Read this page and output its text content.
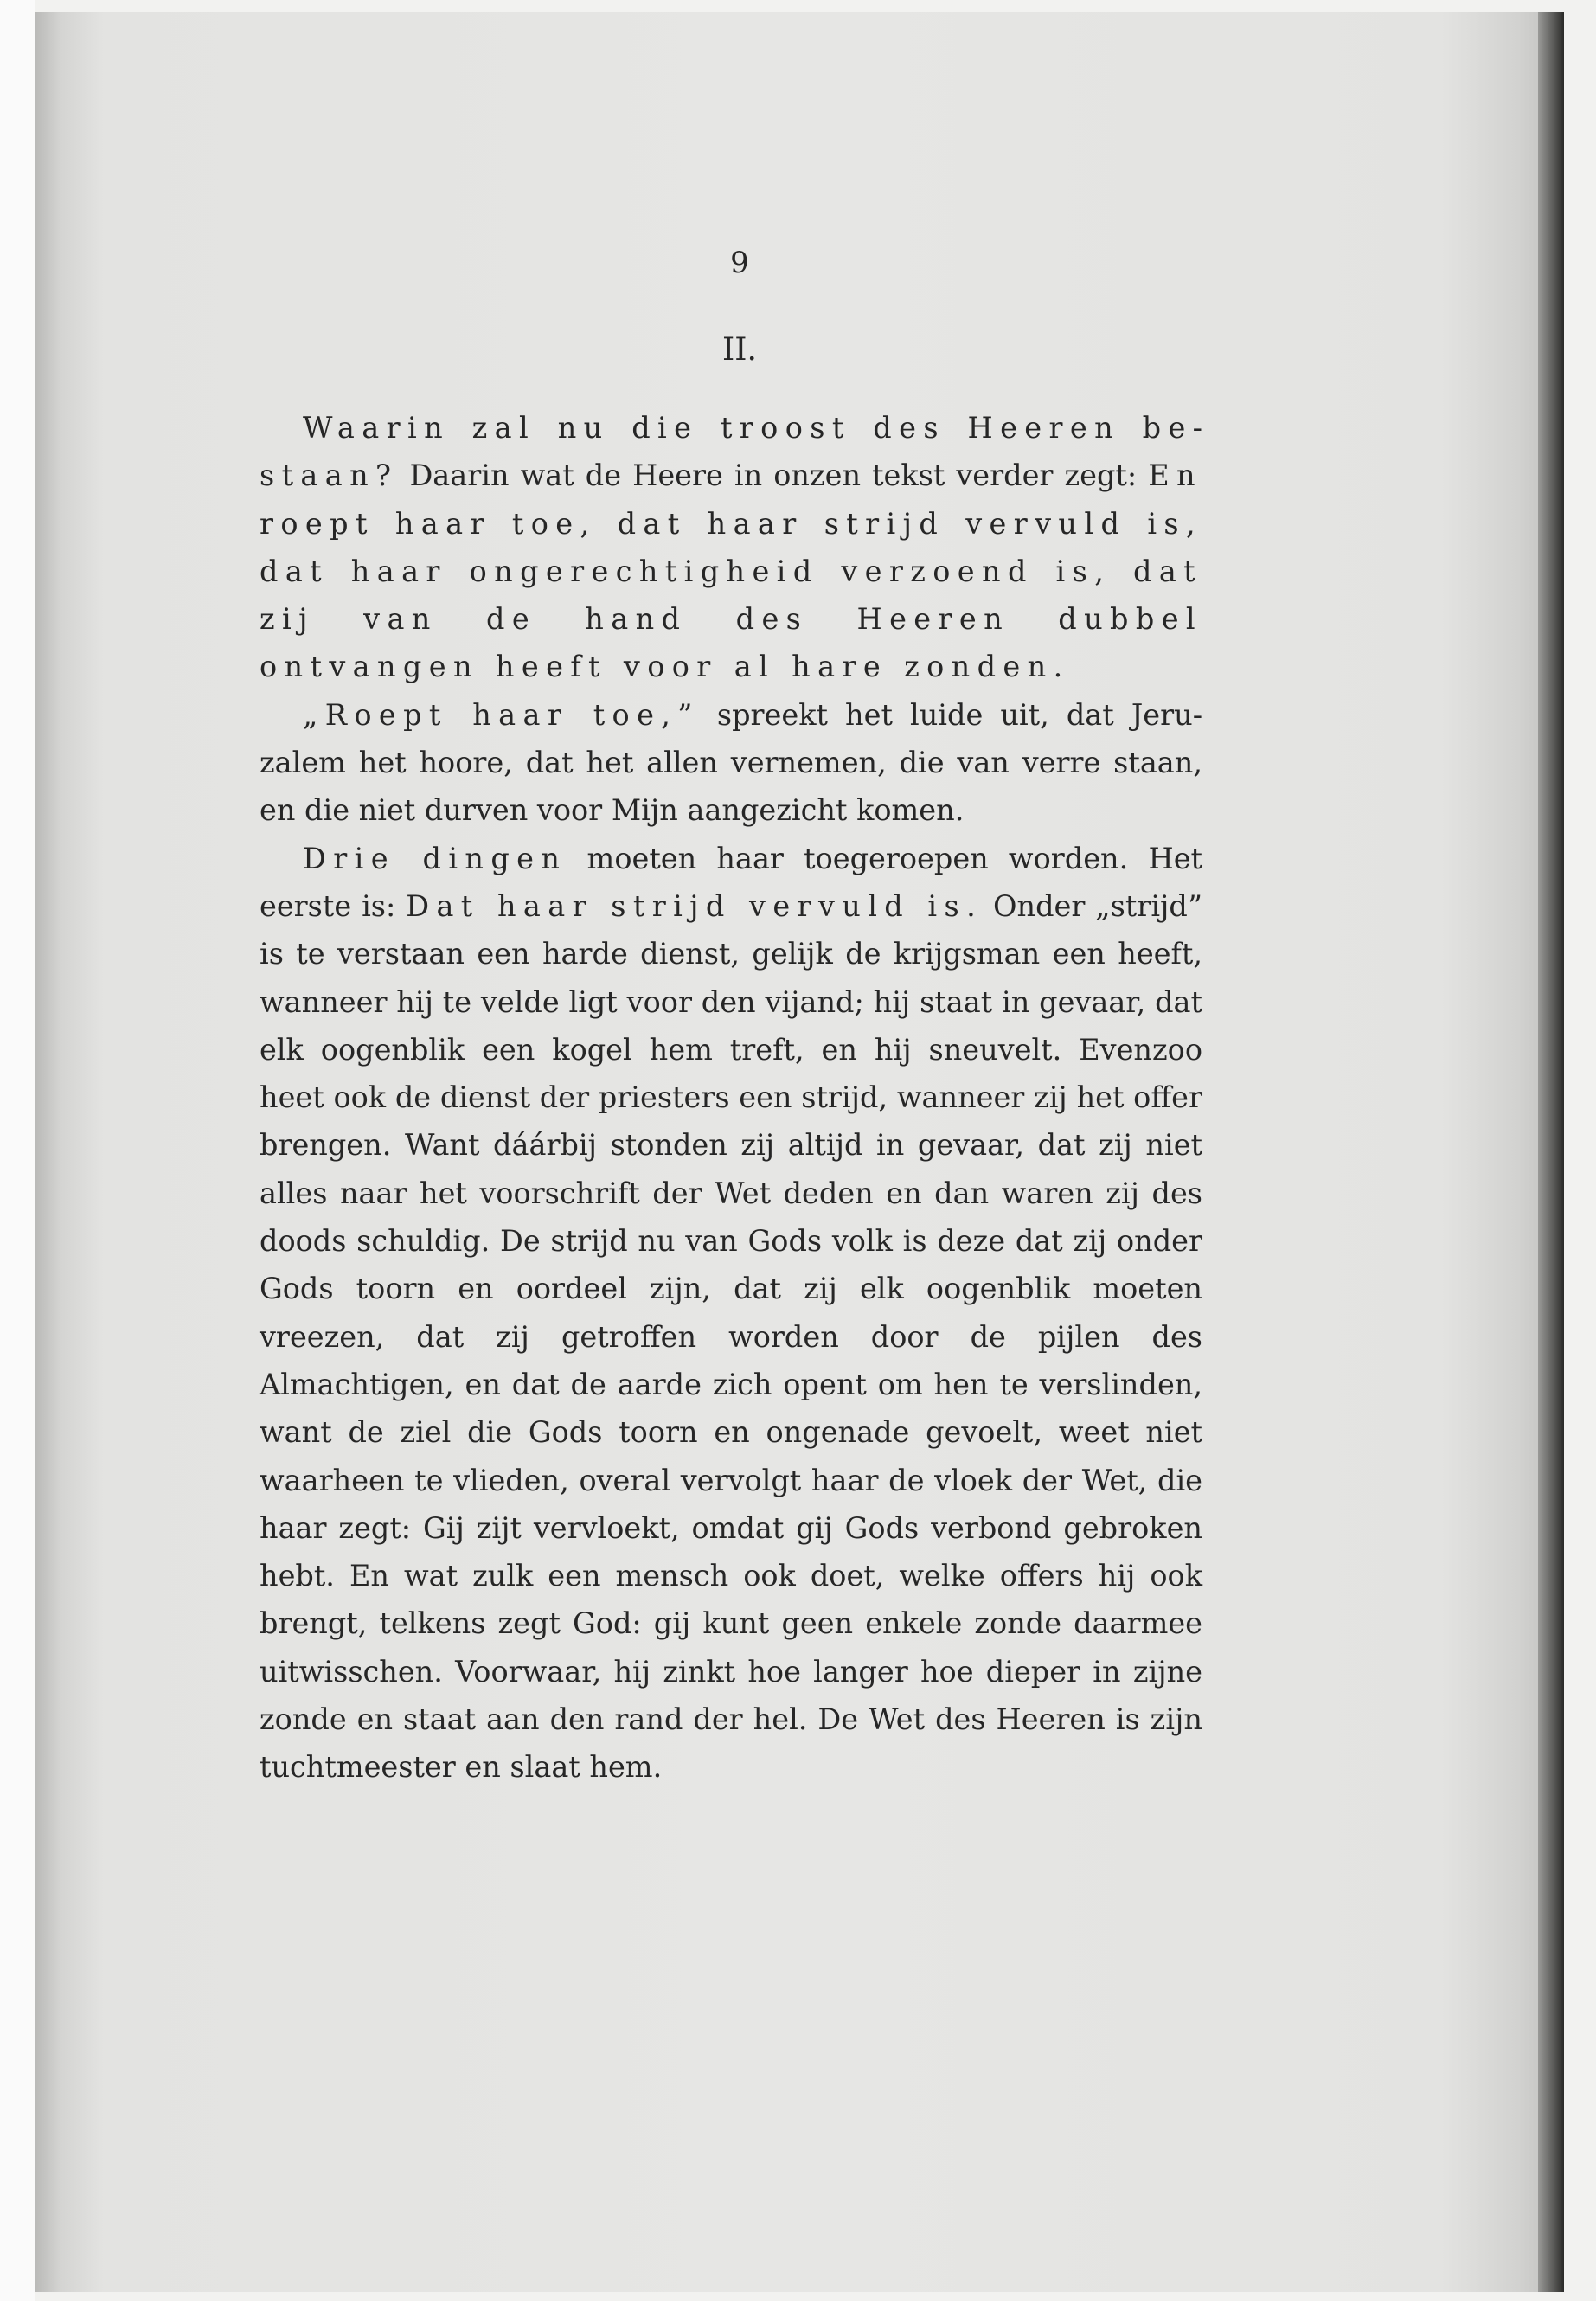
9
II.

Waarin zal nu die troost des Heeren bestaan? Daarin wat de Heere in onzen tekst verder zegt: En roept haar toe, dat haar strijd vervuld is, dat haar ongerechtigheid verzoend is, dat zij van de hand des Heeren dubbel ontvangen heeft voor al hare zonden.

„Roept haar toe,” spreekt het luide uit, dat Jeruzalem het hoore, dat het allen vernemen, die van verre staan, en die niet durven voor Mijn aangezicht komen.

Drie dingen moeten haar toegeroepen worden. Het eerste is: Dat haar strijd vervuld is. Onder „strijd” is te verstaan een harde dienst, gelijk de krijgsman een heeft, wanneer hij te velde ligt voor den vijand; hij staat in gevaar, dat elk oogenblik een kogel hem treft, en hij sneuvelt. Evenzoo heet ook de dienst der priesters een strijd, wanneer zij het offer brengen. Want dáárbij stonden zij altijd in gevaar, dat zij niet alles naar het voorschrift der Wet deden en dan waren zij des doods schuldig. De strijd nu van Gods volk is deze dat zij onder Gods toorn en oordeel zijn, dat zij elk oogenblik moeten vreezen, dat zij getroffen worden door de pijlen des Almachtigen, en dat de aarde zich opent om hen te verslinden, want de ziel die Gods toorn en ongenade gevoelt, weet niet waarheen te vlieden, overal vervolgt haar de vloek der Wet, die haar zegt: Gij zijt vervloekt, omdat gij Gods verbond gebroken hebt. En wat zulk een mensch ook doet, welke offers hij ook brengt, telkens zegt God: gij kunt geen enkele zonde daarmee uitwisschen. Voorwaar, hij zinkt hoe langer hoe dieper in zijne zonde en staat aan den rand der hel. De Wet des Heeren is zijn tuchtmeester en slaat hem.
